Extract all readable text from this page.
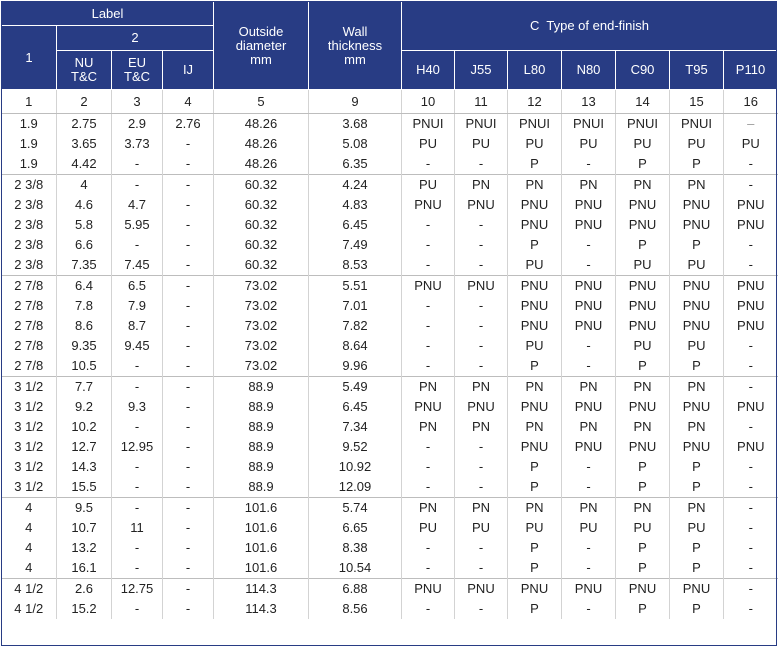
Label				Outside
diameter
mm	Wall
thickness
mm	C  Type of end-finish						
1	2											
	NU
T&C	EU
T&C	IJ			H40	J55	L80	N80	C90	T95	P110
1	2	3	4	5	9	10	11	12	13	14	15	16
1.9	2.75	2.9	2.76	48.26	3.68	PNUI	PNUI	PNUI	PNUI	PNUI	PNUI	–
1.9	3.65	3.73	-	48.26	5.08	PU	PU	PU	PU	PU	PU	PU
1.9	4.42	-	-	48.26	6.35	-	-	P	-	P	P	-
2 3/8	4	-	-	60.32	4.24	PU	PN	PN	PN	PN	PN	-
2 3/8	4.6	4.7	-	60.32	4.83	PNU	PNU	PNU	PNU	PNU	PNU	PNU
2 3/8	5.8	5.95	-	60.32	6.45	-	-	PNU	PNU	PNU	PNU	PNU
2 3/8	6.6	-	-	60.32	7.49	-	-	P	-	P	P	-
2 3/8	7.35	7.45	-	60.32	8.53	-	-	PU	-	PU	PU	-
2 7/8	6.4	6.5	-	73.02	5.51	PNU	PNU	PNU	PNU	PNU	PNU	PNU
2 7/8	7.8	7.9	-	73.02	7.01	-	-	PNU	PNU	PNU	PNU	PNU
2 7/8	8.6	8.7	-	73.02	7.82	-	-	PNU	PNU	PNU	PNU	PNU
2 7/8	9.35	9.45	-	73.02	8.64	-	-	PU	-	PU	PU	-
2 7/8	10.5	-	-	73.02	9.96	-	-	P	-	P	P	-
3 1/2	7.7	-	-	88.9	5.49	PN	PN	PN	PN	PN	PN	-
3 1/2	9.2	9.3	-	88.9	6.45	PNU	PNU	PNU	PNU	PNU	PNU	PNU
3 1/2	10.2	-	-	88.9	7.34	PN	PN	PN	PN	PN	PN	-
3 1/2	12.7	12.95	-	88.9	9.52	-	-	PNU	PNU	PNU	PNU	PNU
3 1/2	14.3	-	-	88.9	10.92	-	-	P	-	P	P	-
3 1/2	15.5	-	-	88.9	12.09	-	-	P	-	P	P	-
4	9.5	-	-	101.6	5.74	PN	PN	PN	PN	PN	PN	-
4	10.7	11	-	101.6	6.65	PU	PU	PU	PU	PU	PU	-
4	13.2	-	-	101.6	8.38	-	-	P	-	P	P	-
4	16.1	-	-	101.6	10.54	-	-	P	-	P	P	-
4 1/2	2.6	12.75	-	114.3	6.88	PNU	PNU	PNU	PNU	PNU	PNU	-
4 1/2	15.2	-	-	114.3	8.56	-	-	P	-	P	P	-
